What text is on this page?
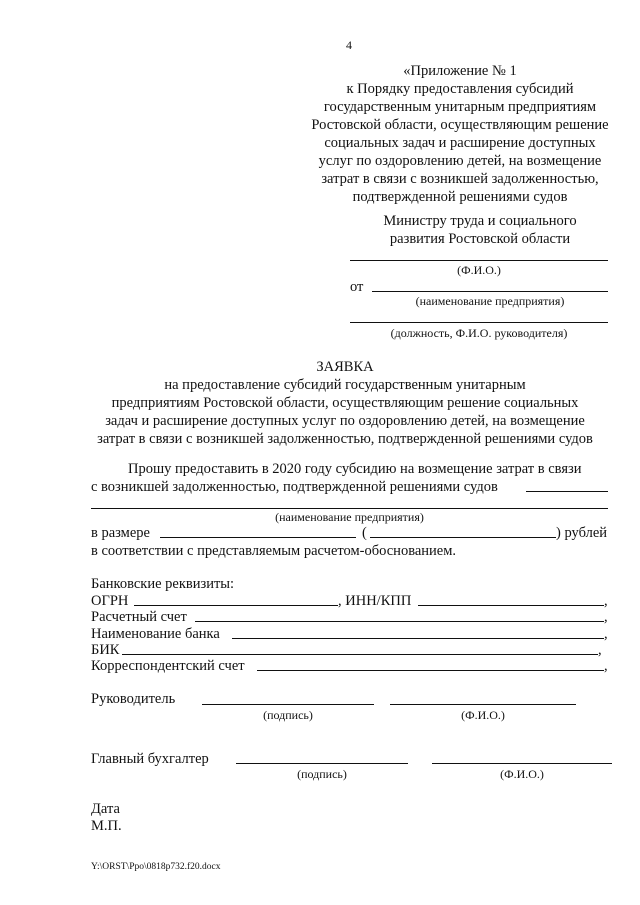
4
«Приложение № 1
к Порядку предоставления субсидий
государственным унитарным предприятиям
Ростовской области, осуществляющим решение
социальных задач и расширение доступных
услуг по оздоровлению детей, на возмещение
затрат в связи с возникшей задолженностью,
подтвержденной решениями судов
Министру труда и социального
развития Ростовской области
(Ф.И.О.)
от
(наименование предприятия)
(должность, Ф.И.О. руководителя)
ЗАЯВКА
на предоставление субсидий государственным унитарным
предприятиям Ростовской области, осуществляющим решение социальных
задач и расширение доступных услуг по оздоровлению детей, на возмещение
затрат в связи с возникшей задолженностью, подтвержденной решениями судов
Прошу предоставить в 2020 году субсидию на возмещение затрат в связи
с возникшей задолженностью, подтвержденной решениями судов
(наименование предприятия)
в размере	(	) рублей
в соответствии с представляемым расчетом-обоснованием.
Банковские реквизиты:
ОГРН	, ИНН/КПП	,
Расчетный счет	,
Наименование банка	,
БИК	,
Корреспондентский счет	,
Руководитель
(подпись)	(Ф.И.О.)
Главный бухгалтер
(подпись)	(Ф.И.О.)
Дата
М.П.
Y:\ORST\Ppo\0818p732.f20.docx
